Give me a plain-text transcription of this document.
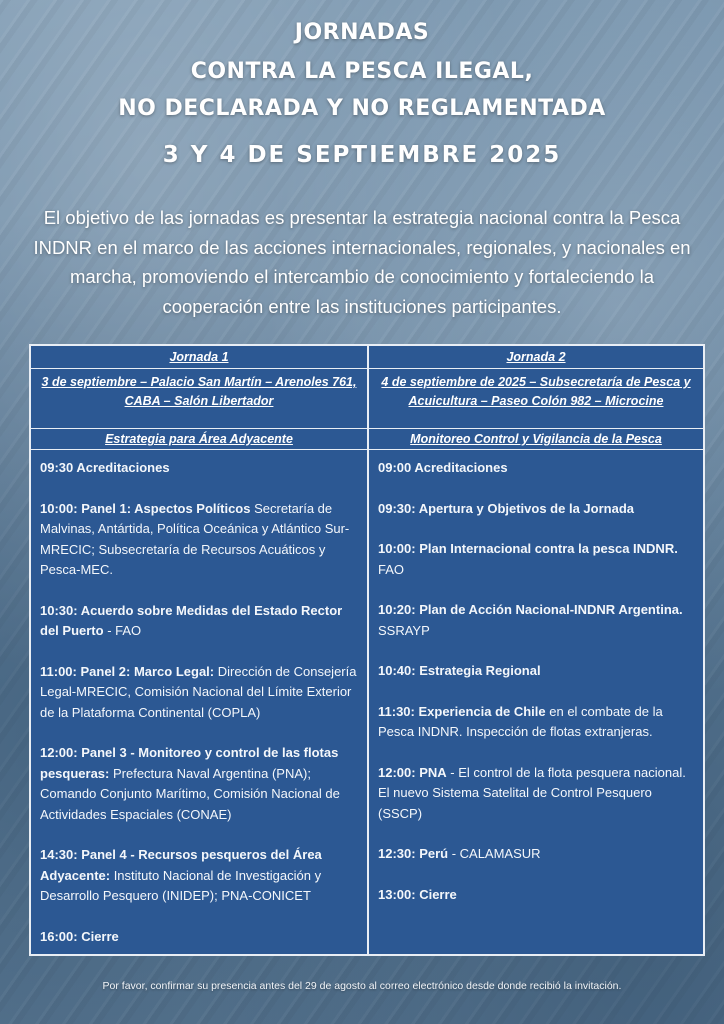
JORNADAS
CONTRA LA PESCA ILEGAL,
NO DECLARADA Y NO REGLAMENTADA
3 Y 4 DE SEPTIEMBRE 2025
El objetivo de las jornadas es presentar la estrategia nacional contra la Pesca INDNR en el marco de las acciones internacionales, regionales, y nacionales en marcha, promoviendo el intercambio de conocimiento y fortaleciendo la cooperación entre las instituciones participantes.
Jornada 1
3 de septiembre – Palacio San Martín – Arenoles 761, CABA – Salón Libertador
Estrategia para Área Adyacente
09:30 Acreditaciones
10:00: Panel 1: Aspectos Políticos Secretaría de Malvinas, Antártida, Política Oceánica y Atlántico Sur-MRECIC; Subsecretaría de Recursos Acuáticos y Pesca-MEC.
10:30: Acuerdo sobre Medidas del Estado Rector del Puerto - FAO
11:00: Panel 2: Marco Legal: Dirección de Consejería Legal-MRECIC, Comisión Nacional del Límite Exterior de la Plataforma Continental (COPLA)
12:00: Panel 3 - Monitoreo y control de las flotas pesqueras: Prefectura Naval Argentina (PNA); Comando Conjunto Marítimo, Comisión Nacional de Actividades Espaciales (CONAE)
14:30: Panel 4 - Recursos pesqueros del Área Adyacente: Instituto Nacional de Investigación y Desarrollo Pesquero (INIDEP); PNA-CONICET
16:00: Cierre
Jornada 2
4 de septiembre de 2025 – Subsecretaría de Pesca y Acuicultura – Paseo Colón 982 – Microcine
Monitoreo Control y Vigilancia de la Pesca
09:00 Acreditaciones
09:30: Apertura y Objetivos de la Jornada
10:00: Plan Internacional contra la pesca INDNR. FAO
10:20: Plan de Acción Nacional-INDNR Argentina. SSRAYP
10:40: Estrategia Regional
11:30: Experiencia de Chile en el combate de la Pesca INDNR. Inspección de flotas extranjeras.
12:00: PNA - El control de la flota pesquera nacional. El nuevo Sistema Satelital de Control Pesquero (SSCP)
12:30: Perú - CALAMASUR
13:00: Cierre
Por favor, confirmar su presencia antes del 29 de agosto al correo electrónico desde donde recibió la invitación.
